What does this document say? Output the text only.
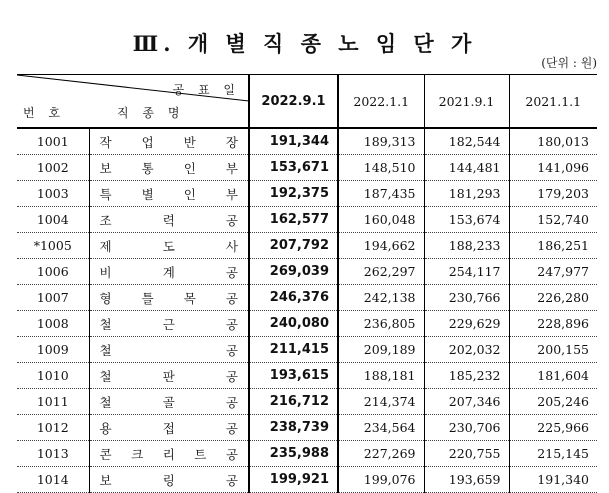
Ⅲ. 개 별 직 종 노 임 단 가
(단위 : 원)
공 표 일
번 호 직 종 명		2022.9.1	2022.1.1	2021.9.1	2021.1.1
1001	작 업 반 장	191,344	189,313	182,544	180,013
1002	보 통 인 부	153,671	148,510	144,481	141,096
1003	특 별 인 부	192,375	187,435	181,293	179,203
1004	조 력 공	162,577	160,048	153,674	152,740
*1005	제 도 사	207,792	194,662	188,233	186,251
1006	비 계 공	269,039	262,297	254,117	247,977
1007	형 틀 목 공	246,376	242,138	230,766	226,280
1008	철 근 공	240,080	236,805	229,629	228,896
1009	철 공	211,415	209,189	202,032	200,155
1010	철 판 공	193,615	188,181	185,232	181,604
1011	철 골 공	216,712	214,374	207,346	205,246
1012	용 접 공	238,739	234,564	230,706	225,966
1013	콘 크 리 트 공	235,988	227,269	220,755	215,145
1014	보 링 공	199,921	199,076	193,659	191,340
